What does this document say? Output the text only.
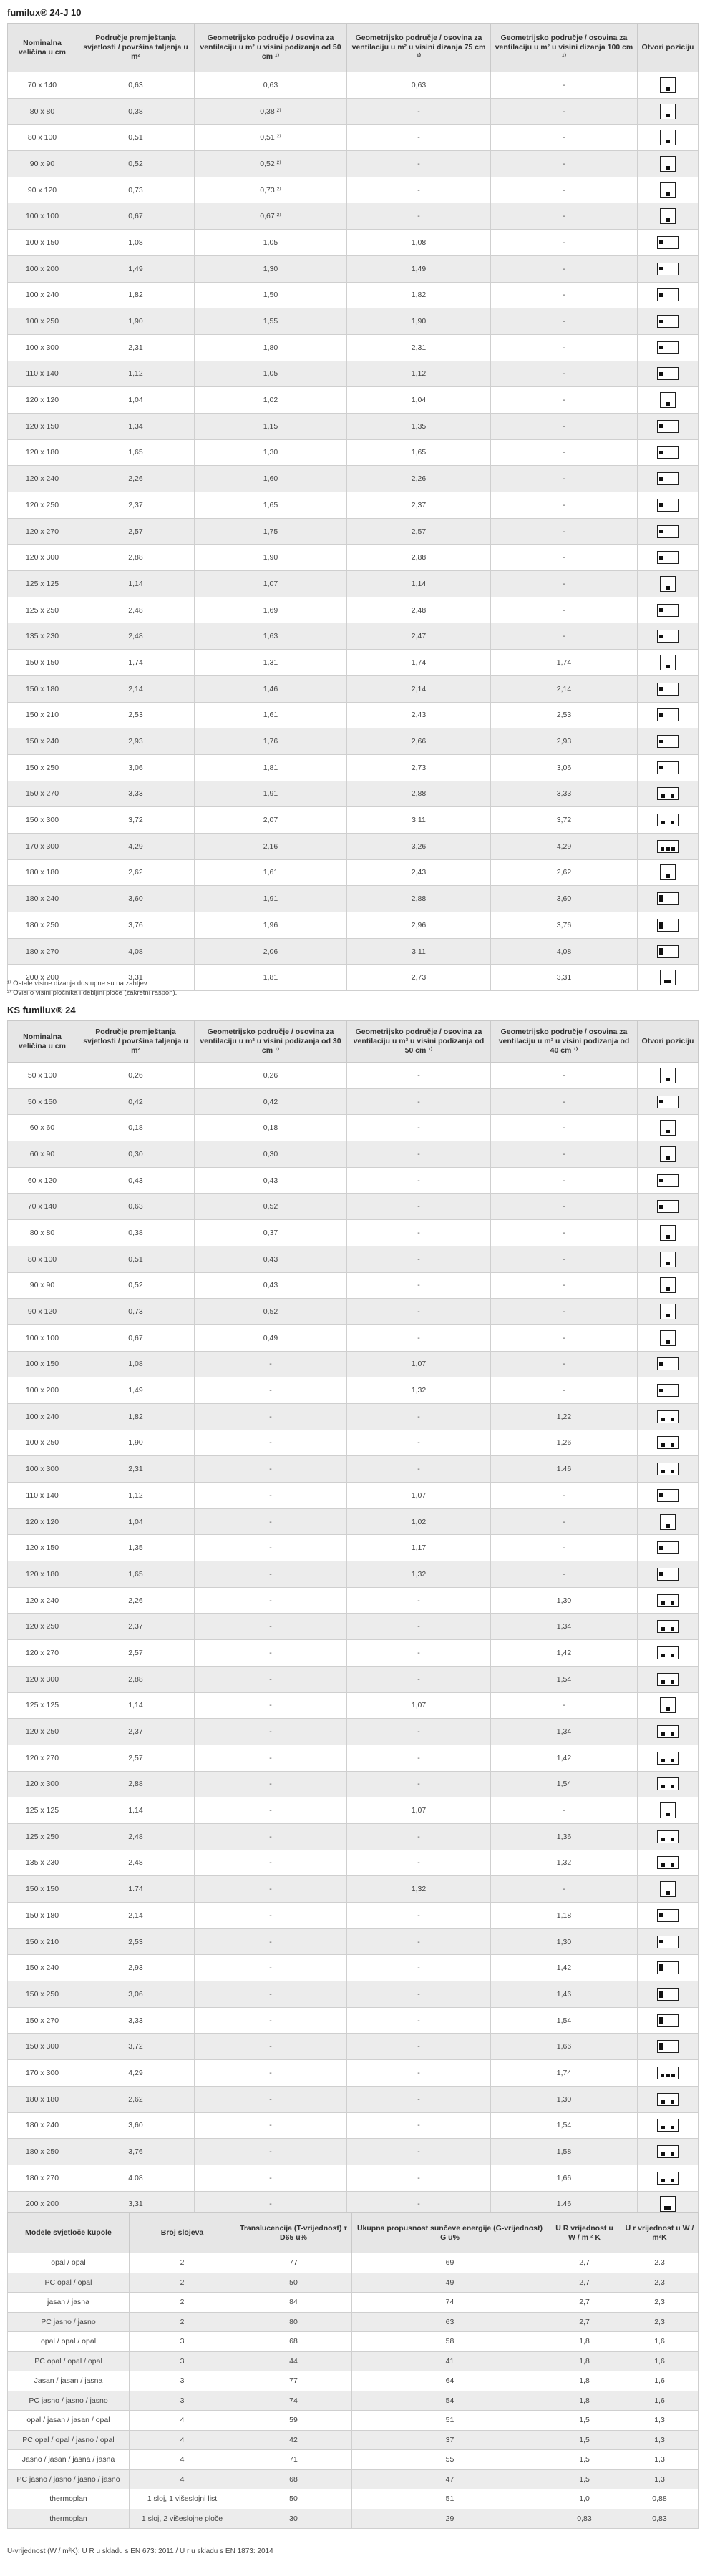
fumilux® 24-J 10
Nominalna veličina u cm	Područje premještanja svjetlosti / površina taljenja u m²	Geometrijsko područje / osovina za ventilaciju u m² u visini podizanja od 50 cm ¹⁾	Geometrijsko područje / osovina za ventilaciju u m² u visini dizanja 75 cm ¹⁾	Geometrijsko područje / osovina za ventilaciju u m² u visini dizanja 100 cm ¹⁾	Otvori poziciju
70 x 140	0,63	0,63	0,63	-	

80 x 80	0,38	0,38 ²⁾	-	-	

80 x 100	0,51	0,51 ²⁾	-	-	

90 x 90	0,52	0,52 ²⁾	-	-	

90 x 120	0,73	0,73 ²⁾	-	-	

100 x 100	0,67	0,67 ²⁾	-	-	

100 x 150	1,08	1,05	1,08	-	

100 x 200	1,49	1,30	1,49	-	

100 x 240	1,82	1,50	1,82	-	

100 x 250	1,90	1,55	1,90	-	

100 x 300	2,31	1,80	2,31	-	

110 x 140	1,12	1,05	1,12	-	

120 x 120	1,04	1,02	1,04	-	

120 x 150	1,34	1,15	1,35	-	

120 x 180	1,65	1,30	1,65	-	

120 x 240	2,26	1,60	2,26	-	

120 x 250	2,37	1,65	2,37	-	

120 x 270	2,57	1,75	2,57	-	

120 x 300	2,88	1,90	2,88	-	

125 x 125	1,14	1,07	1,14	-	

125 x 250	2,48	1,69	2,48	-	

135 x 230	2,48	1,63	2,47	-	

150 x 150	1,74	1,31	1,74	1,74	

150 x 180	2,14	1,46	2,14	2,14	

150 x 210	2,53	1,61	2,43	2,53	

150 x 240	2,93	1,76	2,66	2,93	

150 x 250	3,06	1,81	2,73	3,06	

150 x 270	3,33	1,91	2,88	3,33	

150 x 300	3,72	2,07	3,11	3,72	

170 x 300	4,29	2,16	3,26	4,29	

180 x 180	2,62	1,61	2,43	2,62	

180 x 240	3,60	1,91	2,88	3,60	

180 x 250	3,76	1,96	2,96	3,76	

180 x 270	4,08	2,06	3,11	4,08	

200 x 200	3,31	1,81	2,73	3,31	
¹⁾ Ostale visine dizanja dostupne su na zahtjev.
²⁾ Ovisi o visini pločnika i debljini ploče (zakretni raspon).
KS fumilux® 24
Nominalna veličina u cm	Područje premještanja svjetlosti / površina taljenja u m²	Geometrijsko područje / osovina za ventilaciju u m² u visini podizanja od 30 cm ¹⁾	Geometrijsko područje / osovina za ventilaciju u m² u visini podizanja od 50 cm ¹⁾	Geometrijsko područje / osovina za ventilaciju u m² u visini podizanja od 40 cm ¹⁾	Otvori poziciju
50 x 100	0,26	0,26	-	-	

50 x 150	0,42	0,42	-	-	

60 x 60	0,18	0,18	-	-	

60 x 90	0,30	0,30	-	-	

60 x 120	0,43	0,43	-	-	

70 x 140	0,63	0,52	-	-	

80 x 80	0,38	0,37	-	-	

80 x 100	0,51	0,43	-	-	

90 x 90	0,52	0,43	-	-	

90 x 120	0,73	0,52	-	-	

100 x 100	0,67	0,49	-	-	

100 x 150	1,08	-	1,07	-	

100 x 200	1,49	-	1,32	-	

100 x 240	1,82	-	-	1,22	

100 x 250	1,90	-	-	1,26	

100 x 300	2,31	-	-	1.46	

110 x 140	1,12	-	1,07	-	

120 x 120	1,04	-	1,02	-	

120 x 150	1,35	-	1,17	-	

120 x 180	1,65	-	1,32	-	

120 x 240	2,26	-	-	1,30	

120 x 250	2,37	-	-	1,34	

120 x 270	2,57	-	-	1,42	

120 x 300	2,88	-	-	1,54	

125 x 125	1,14	-	1,07	-	

120 x 250	2,37	-	-	1,34	

120 x 270	2,57	-	-	1,42	

120 x 300	2,88	-	-	1,54	

125 x 125	1,14	-	1,07	-	

125 x 250	2,48	-	-	1,36	

135 x 230	2,48	-	-	1,32	

150 x 150	1.74	-	1,32	-	

150 x 180	2,14	-	-	1,18	

150 x 210	2,53	-	-	1,30	

150 x 240	2,93	-	-	1,42	

150 x 250	3,06	-	-	1,46	

150 x 270	3,33	-	-	1,54	

150 x 300	3,72	-	-	1,66	

170 x 300	4,29	-	-	1,74	

180 x 180	2,62	-	-	1,30	

180 x 240	3,60	-	-	1,54	

180 x 250	3,76	-	-	1,58	

180 x 270	4.08	-	-	1,66	

200 x 200	3,31	-	-	1.46	
Modele svjetloče kupole	Broj slojeva	Translucencija (T-vrijednost) τ D65 u%	Ukupna propusnost sunčeve energije (G-vrijednost) G u%	U R vrijednost u W / m ² K	U r vrijednost u W / m²K
opal / opal	2	77	69	2,7	2.3
PC opal / opal	2	50	49	2,7	2,3
jasan / jasna	2	84	74	2,7	2,3
PC jasno / jasno	2	80	63	2,7	2,3
opal / opal / opal	3	68	58	1,8	1,6
PC opal / opal / opal	3	44	41	1,8	1,6
Jasan / jasan / jasna	3	77	64	1,8	1,6
PC jasno / jasno / jasno	3	74	54	1,8	1,6
opal / jasan / jasan / opal	4	59	51	1,5	1,3
PC opal / opal / jasno / opal	4	42	37	1,5	1,3
Jasno / jasan / jasna / jasna	4	71	55	1,5	1,3
PC jasno / jasno / jasno / jasno	4	68	47	1,5	1,3
thermoplan	1 sloj, 1 višeslojni list	50	51	1,0	0,88
thermoplan	1 sloj, 2 višeslojne ploče	30	29	0,83	0,83
U-vrijednost (W / m²K): U R u skladu s EN 673: 2011 / U r u skladu s EN 1873: 2014
